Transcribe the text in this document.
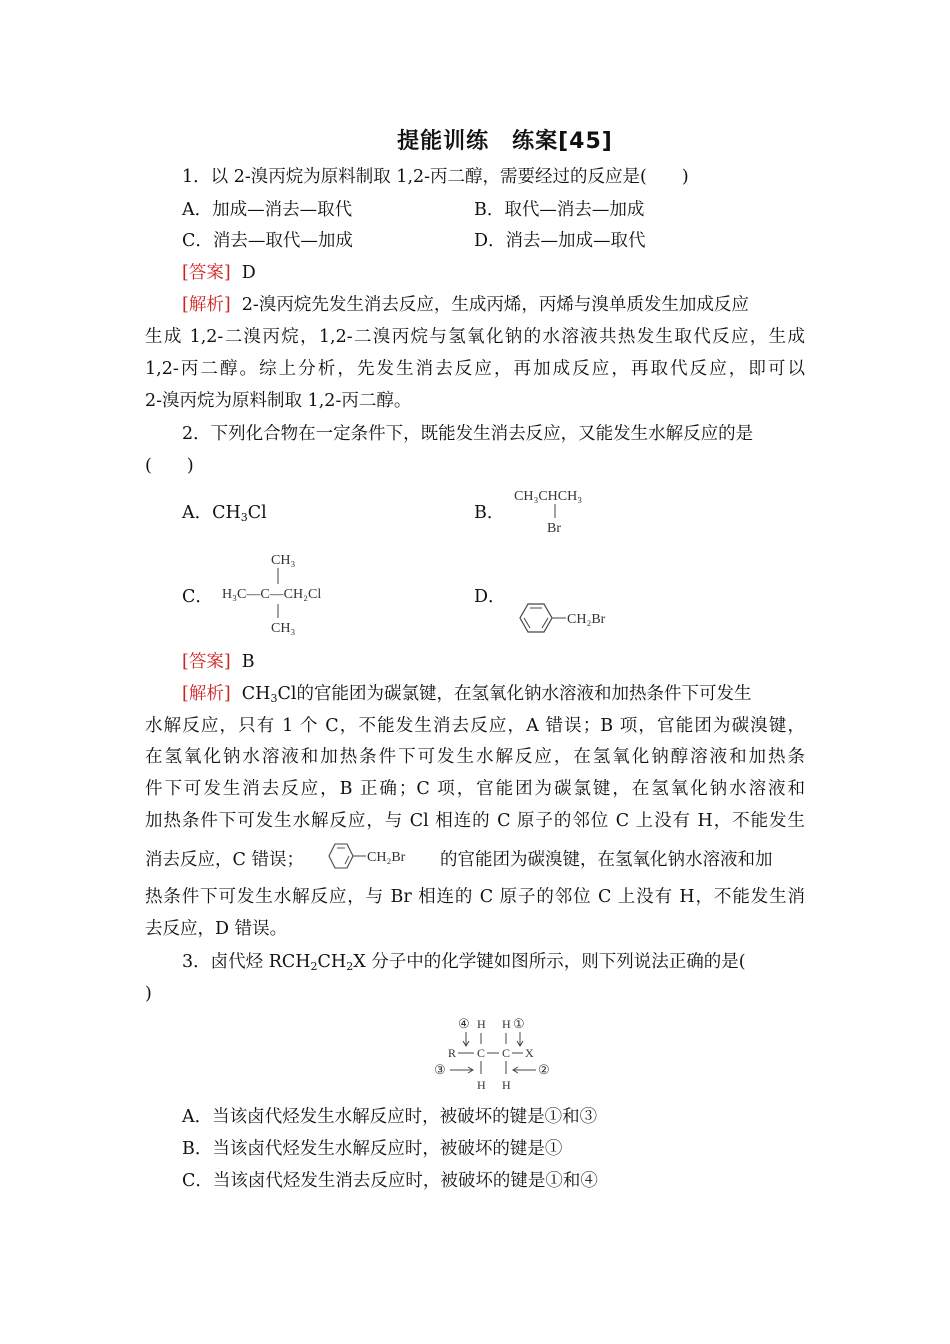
提能训练　练案[45]
1．以 2-溴丙烷为原料制取 1,2-丙二醇，需要经过的反应是(　　)
A．加成—消去—取代	B．取代—消去—加成
C．消去—取代—加成	D．消去—加成—取代
[答案] D
[解析] 2-溴丙烷先发生消去反应，生成丙烯，丙烯与溴单质发生加成反应
生成 1,2-二溴丙烷，1,2-二溴丙烷与氢氧化钠的水溶液共热发生取代反应，生成
1,2-丙二醇。综上分析，先发生消去反应，再加成反应，再取代反应，即可以
2-溴丙烷为原料制取 1,2-丙二醇。
2．下列化合物在一定条件下，既能发生消去反应，又能发生水解反应的是
(　　)
A．$CH_3Cl$	B．
CH₃CHCH₃
Br
C．
CH₃
H₃C—C—CH₂Cl
CH₃
D．
CH₂Br
[答案] B
[解析] $CH_3Cl$的官能团为碳氯键，在氢氧化钠水溶液和加热条件下可发生
水解反应，只有 1 个 C，不能发生消去反应，A 错误；B 项，官能团为碳溴键，
在氢氧化钠水溶液和加热条件下可发生水解反应，在氢氧化钠醇溶液和加热条
件下可发生消去反应，B 正确；C 项，官能团为碳氯键，在氢氧化钠水溶液和
加热条件下可发生水解反应，与 Cl 相连的 C 原子的邻位 C 上没有 H，不能发生
消去反应，C 错误；	CH₂Br 的官能团为碳溴键，在氢氧化钠水溶液和加
热条件下可发生水解反应，与 Br 相连的 C 原子的邻位 C 上没有 H，不能发生消
去反应，D 错误。
3．卤代烃 $RCH_2CH_2X$ 分子中的化学键如图所示，则下列说法正确的是(
)
④ H H ①
R C C X
③	②
H H
A．当该卤代烃发生水解反应时，被破坏的键是①和③
B．当该卤代烃发生水解反应时，被破坏的键是①
C．当该卤代烃发生消去反应时，被破坏的键是①和④
